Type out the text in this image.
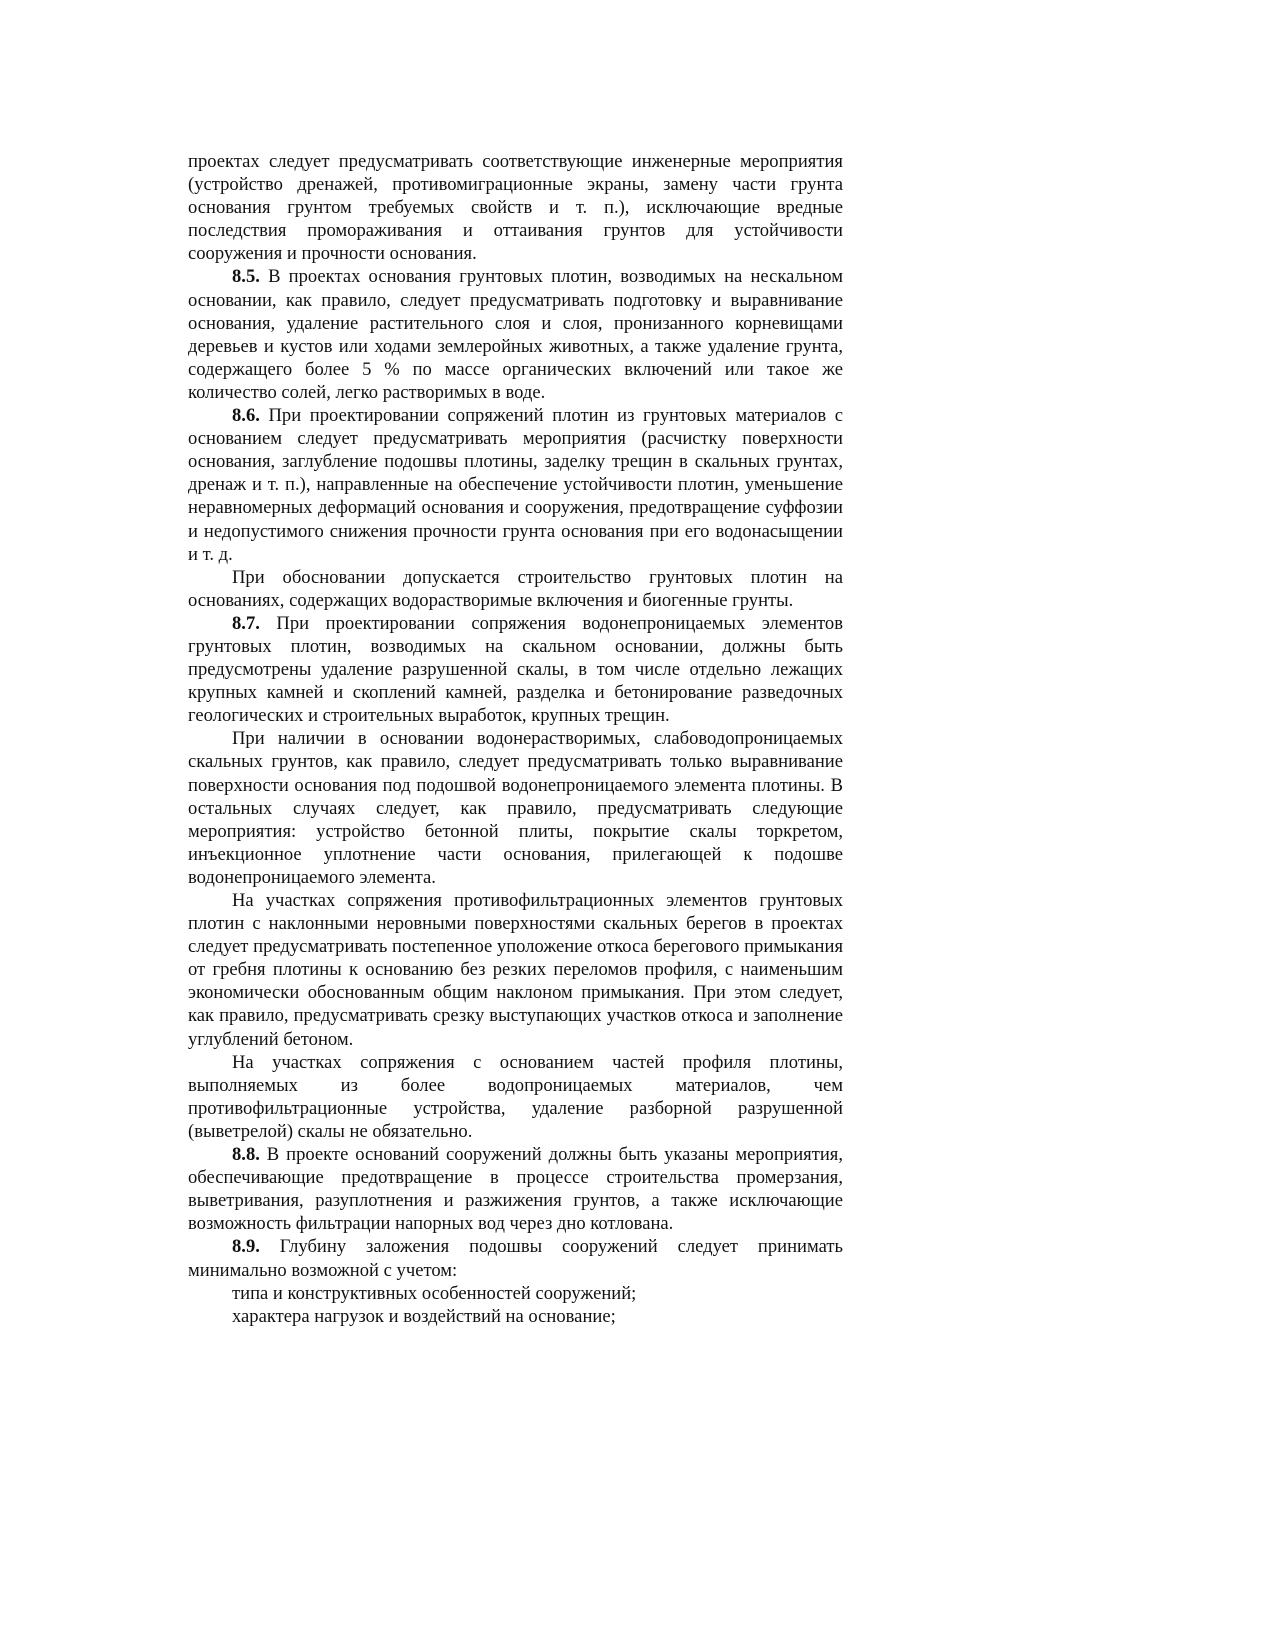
проектах следует предусматривать соответствующие инженерные мероприятия (устройство дренажей, противомиграционные экраны, замену части грунта основания грунтом требуемых свойств и т. п.), исключающие вредные последствия промораживания и оттаивания грунтов для устойчивости сооружения и прочности основания.

8.5. В проектах основания грунтовых плотин, возводимых на нескальном основании, как правило, следует предусматривать подготовку и выравнивание основания, удаление растительного слоя и слоя, пронизанного корневищами деревьев и кустов или ходами землеройных животных, а также удаление грунта, содержащего более 5 % по массе органических включений или такое же количество солей, легко растворимых в воде.

8.6. При проектировании сопряжений плотин из грунтовых материалов с основанием следует предусматривать мероприятия (расчистку поверхности основания, заглубление подошвы плотины, заделку трещин в скальных грунтах, дренаж и т. п.), направленные на обеспечение устойчивости плотин, уменьшение неравномерных деформаций основания и сооружения, предотвращение суффозии и недопустимого снижения прочности грунта основания при его водонасыщении и т. д.

При обосновании допускается строительство грунтовых плотин на основаниях, содержащих водорастворимые включения и биогенные грунты.

8.7. При проектировании сопряжения водонепроницаемых элементов грунтовых плотин, возводимых на скальном основании, должны быть предусмотрены удаление разрушенной скалы, в том числе отдельно лежащих крупных камней и скоплений камней, разделка и бетонирование разведочных геологических и строительных выработок, крупных трещин.

При наличии в основании водонерастворимых, слабоводопроницаемых скальных грунтов, как правило, следует предусматривать только выравнивание поверхности основания под подошвой водонепроницаемого элемента плотины. В остальных случаях следует, как правило, предусматривать следующие мероприятия: устройство бетонной плиты, покрытие скалы торкретом, инъекционное уплотнение части основания, прилегающей к подошве водонепроницаемого элемента.

На участках сопряжения противофильтрационных элементов грунтовых плотин с наклонными неровными поверхностями скальных берегов в проектах следует предусматривать постепенное уположение откоса берегового примыкания от гребня плотины к основанию без резких переломов профиля, с наименьшим экономически обоснованным общим наклоном примыкания. При этом следует, как правило, предусматривать срезку выступающих участков откоса и заполнение углублений бетоном.

На участках сопряжения с основанием частей профиля плотины, выполняемых из более водопроницаемых материалов, чем противофильтрационные устройства, удаление разборной разрушенной (выветрелой) скалы не обязательно.

8.8. В проекте оснований сооружений должны быть указаны мероприятия, обеспечивающие предотвращение в процессе строительства промерзания, выветривания, разуплотнения и разжижения грунтов, а также исключающие возможность фильтрации напорных вод через дно котлована.

8.9. Глубину заложения подошвы сооружений следует принимать минимально возможной с учетом:

типа и конструктивных особенностей сооружений;

характера нагрузок и воздействий на основание;
